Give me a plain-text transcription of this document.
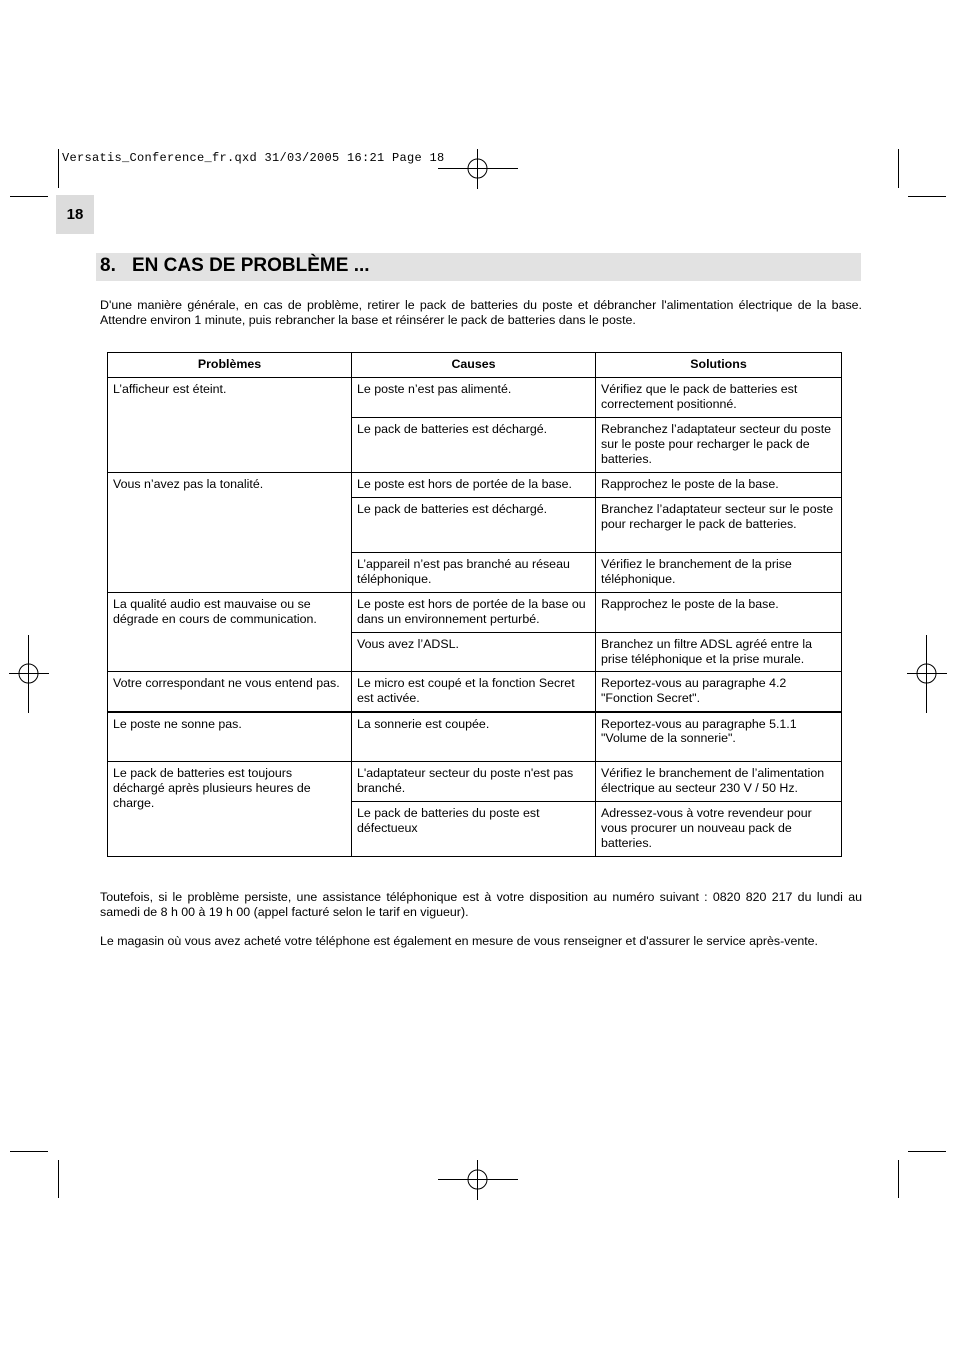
Versatis_Conference_fr.qxd 31/03/2005 16:21 Page 18
18
8. EN CAS DE PROBLÈME ...
D'une manière générale, en cas de problème, retirer le pack de batteries du poste et débrancher l'alimentation électrique de la base. Attendre environ 1 minute, puis rebrancher la base et réinsérer le pack de batteries dans le poste.
Problèmes	Causes	Solutions
L’afficheur est éteint.	Le poste n’est pas alimenté.	Vérifiez que le pack de batteries est correctement positionné.
	Le pack de batteries est déchargé.	Rebranchez l’adaptateur secteur du poste sur le poste pour recharger le pack de batteries.
Vous n’avez pas la tonalité.	Le poste est hors de portée de la base.	Rapprochez le poste de la base.
	Le pack de batteries est déchargé.	Branchez l’adaptateur secteur sur le poste pour recharger le pack de batteries.
	L’appareil n’est pas branché au réseau téléphonique.	Vérifiez le branchement de la prise téléphonique.
La qualité audio est mauvaise ou se dégrade en cours de communication.	Le poste est hors de portée de la base ou dans un environnement perturbé.	Rapprochez le poste de la base.
	Vous avez l’ADSL.	Branchez un filtre ADSL agréé entre la prise téléphonique et la prise murale.
Votre correspondant ne vous entend pas.	Le micro est coupé et la fonction Secret est activée.	Reportez-vous au paragraphe 4.2 "Fonction Secret".
Le poste ne sonne pas.	La sonnerie est coupée.	Reportez-vous au paragraphe 5.1.1 "Volume de la sonnerie".
Le pack de batteries est toujours déchargé après plusieurs heures de charge.	L'adaptateur secteur du poste n'est pas branché.	Vérifiez le branchement de l’alimentation électrique au secteur 230 V / 50 Hz.
	Le pack de batteries du poste est défectueux	Adressez-vous à votre revendeur pour vous procurer un nouveau pack de batteries.
Toutefois, si le problème persiste, une assistance téléphonique est à votre disposition au numéro suivant : 0820 820 217 du lundi au samedi de 8 h 00 à 19 h 00 (appel facturé selon le tarif en vigueur).
Le magasin où vous avez acheté votre téléphone est également en mesure de vous renseigner et d'assurer le service après-vente.
